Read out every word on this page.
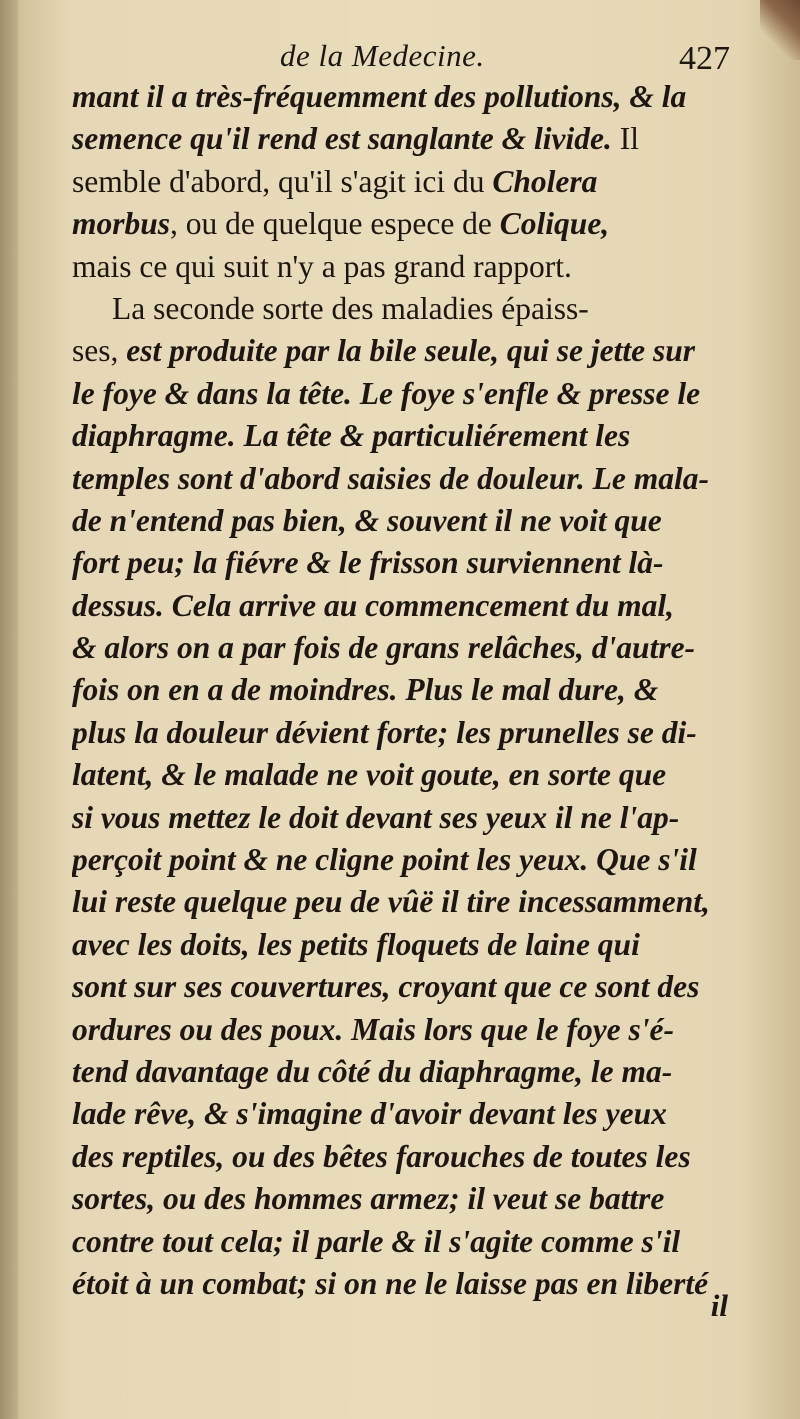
de la Medecine.	427
mant il a très-fréquemment des pollutions, & la
semence qu'il rend est sanglante & livide. Il
semble d'abord, qu'il s'agit ici du Cholera
morbus, ou de quelque espece de Colique,
mais ce qui suit n'y a pas grand rapport.
La seconde sorte des maladies épaiss-
ses, est produite par la bile seule, qui se jette sur
le foye & dans la tête. Le foye s'enfle & presse le
diaphragme. La tête & particuliérement les
temples sont d'abord saisies de douleur. Le mala-
de n'entend pas bien, & souvent il ne voit que
fort peu; la fiévre & le frisson surviennent là-
dessus. Cela arrive au commencement du mal,
& alors on a par fois de grans relâches, d'autre-
fois on en a de moindres. Plus le mal dure, &
plus la douleur dévient forte; les prunelles se di-
latent, & le malade ne voit goute, en sorte que
si vous mettez le doit devant ses yeux il ne l'ap-
perçoit point & ne cligne point les yeux. Que s'il
lui reste quelque peu de vûë il tire incessamment,
avec les doits, les petits floquets de laine qui
sont sur ses couvertures, croyant que ce sont des
ordures ou des poux. Mais lors que le foye s'é-
tend davantage du côté du diaphragme, le ma-
lade rêve, & s'imagine d'avoir devant les yeux
des reptiles, ou des bêtes farouches de toutes les
sortes, ou des hommes armez; il veut se battre
contre tout cela; il parle & il s'agite comme s'il
étoit à un combat; si on ne le laisse pas en liberté
il
